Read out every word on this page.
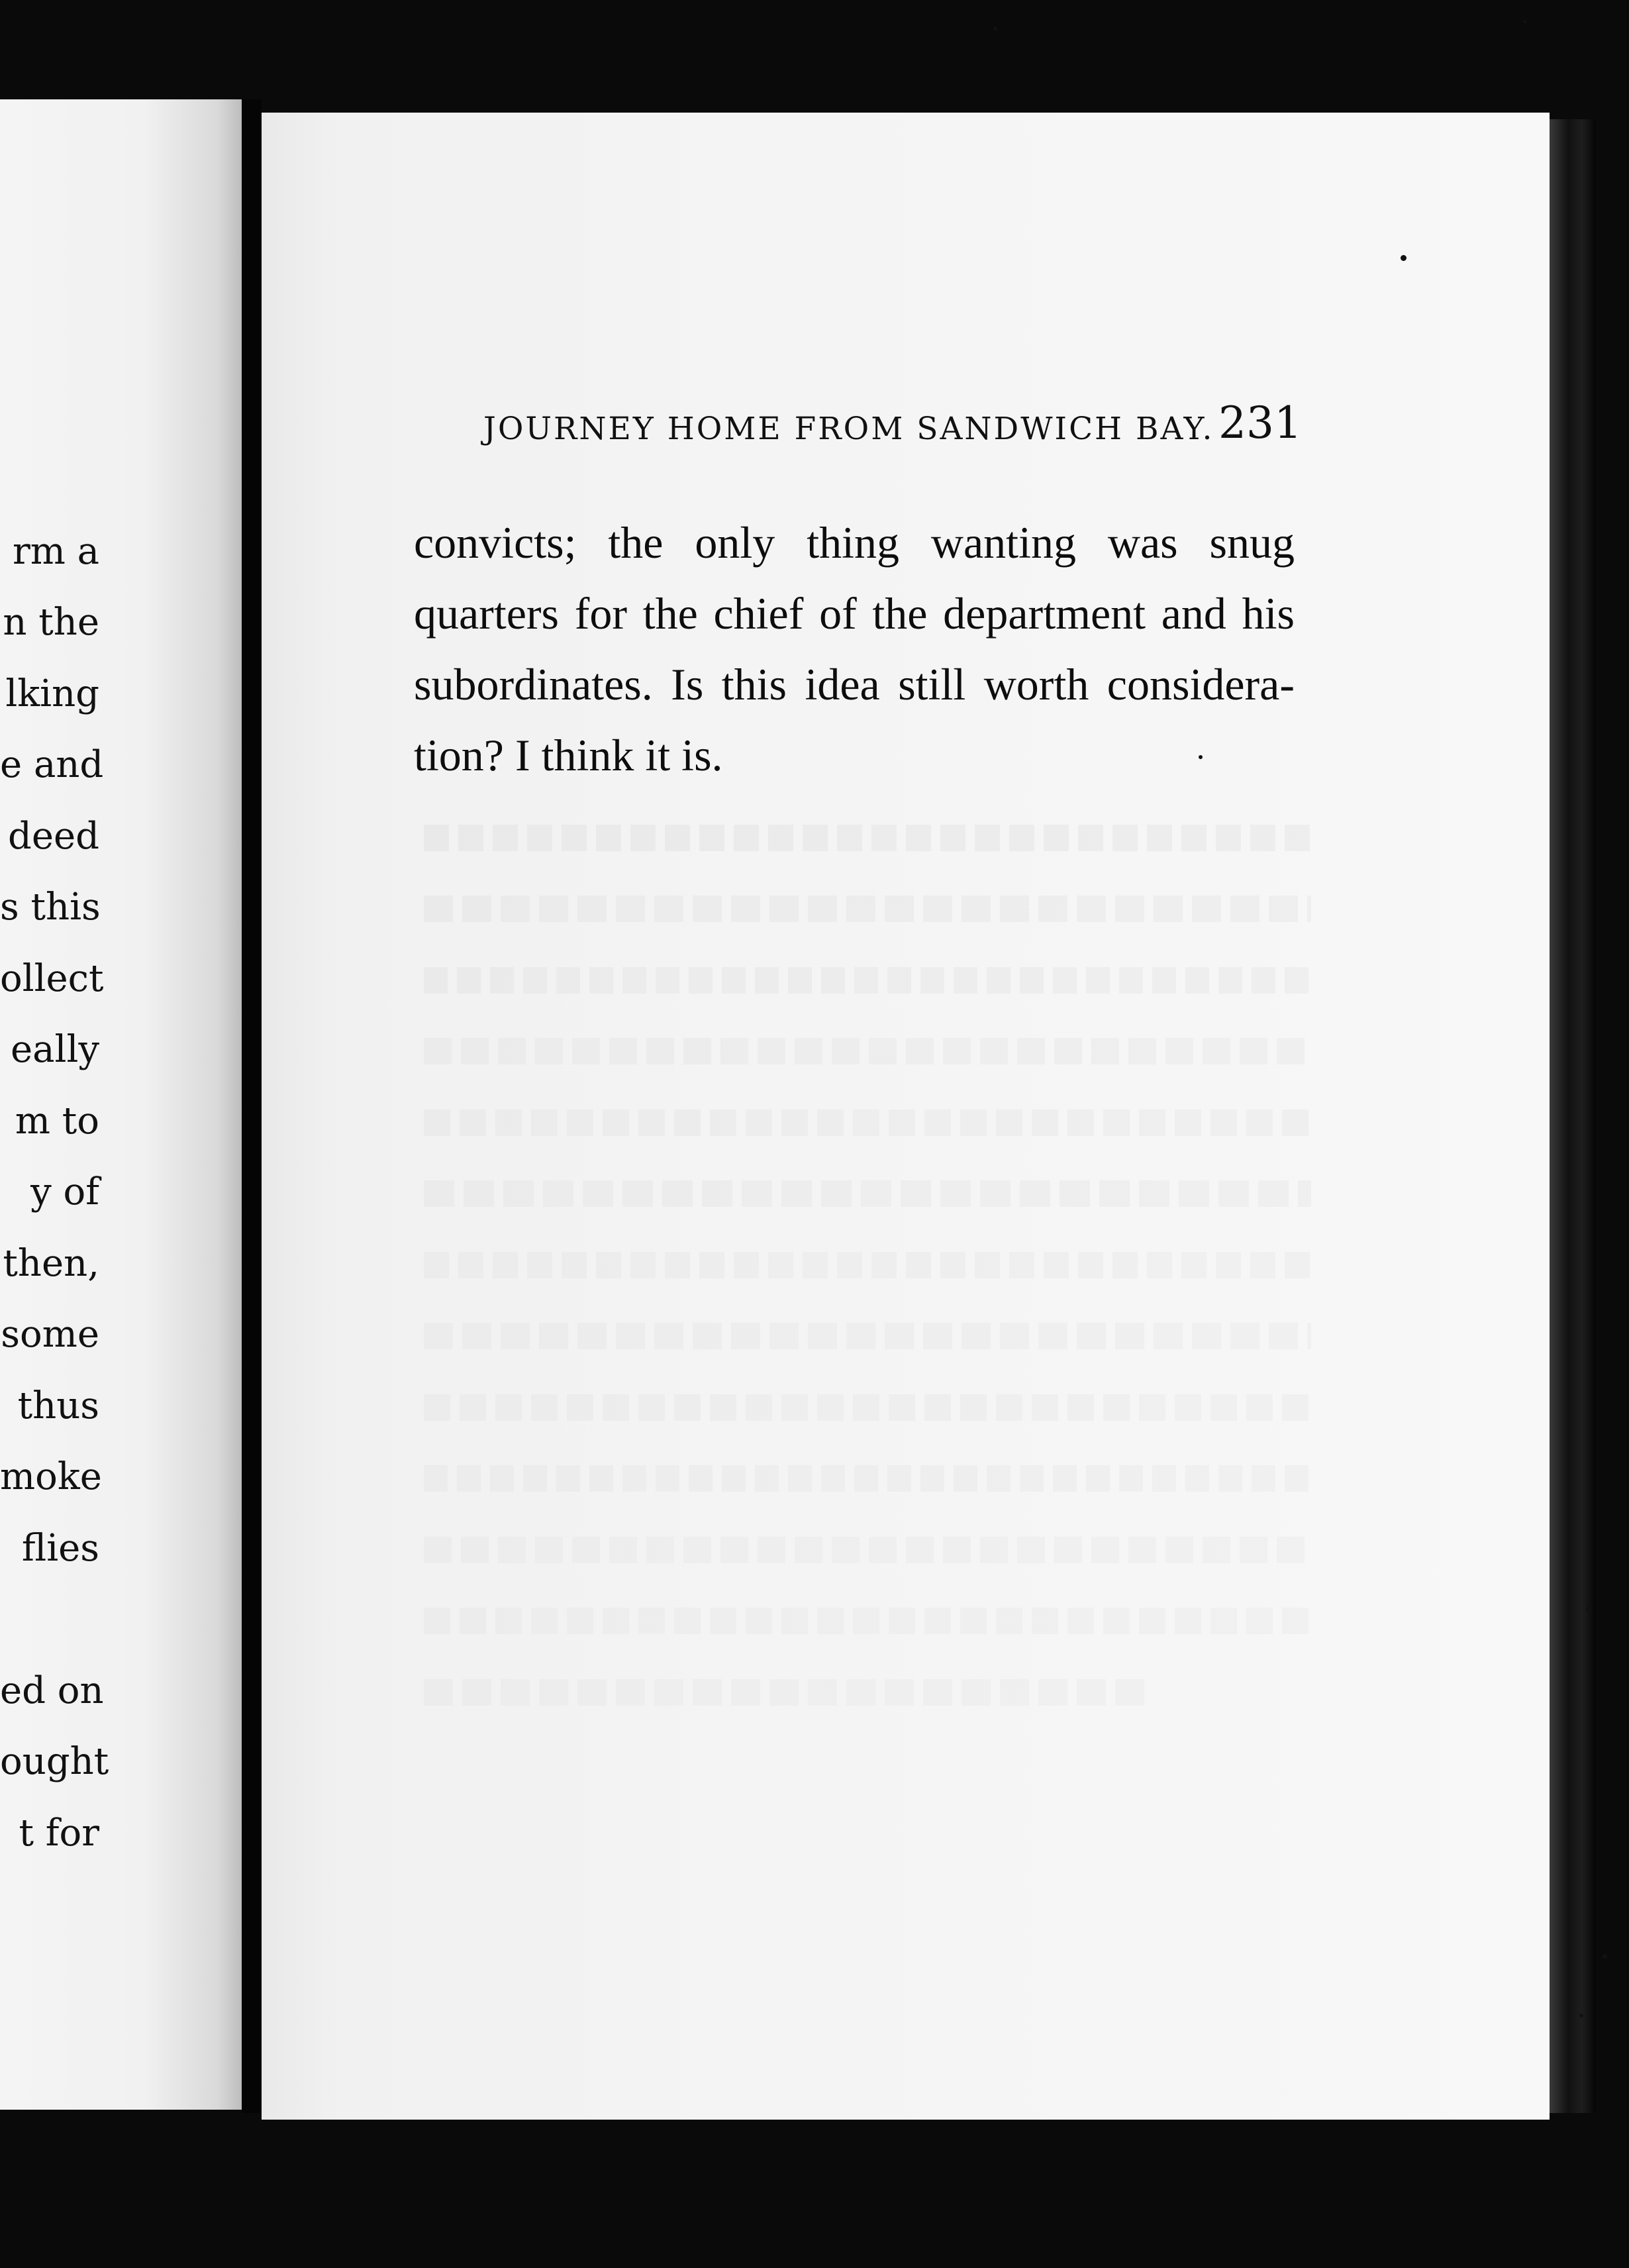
rm a
n the
lking
e and
deed
s this
ollect
eally
m to
y of
then,
some
thus
moke
flies
ed on
ought
t for
JOURNEY HOME FROM SANDWICH BAY. 231
convicts; the only thing wanting was snug
quarters for the chief of the department and his
subordinates. Is this idea still worth considera-
tion? I think it is.
